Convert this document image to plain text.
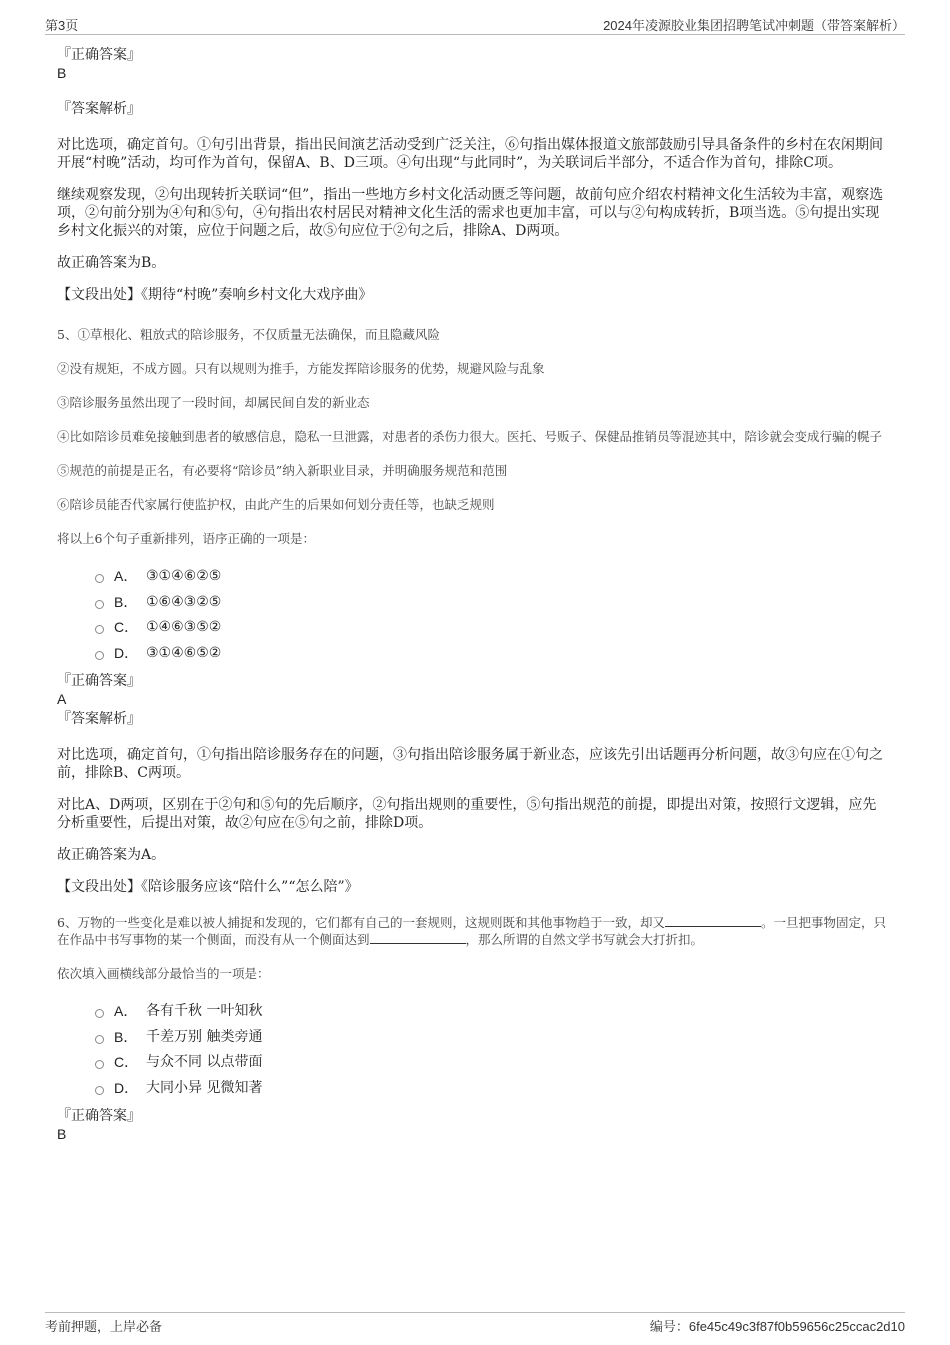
第3页	2024年凌源胶业集团招聘笔试冲刺题（带答案解析）
『正确答案』
B
『答案解析』

对比选项，确定首句。①句引出背景，指出民间演艺活动受到广泛关注，⑥句指出媒体报道文旅部鼓励引导具备条件的乡村在农闲期间开展“村晚”活动，均可作为首句，保留A、B、D三项。④句出现“与此同时”，为关联词后半部分，不适合作为首句，排除C项。

继续观察发现，②句出现转折关联词“但”，指出一些地方乡村文化活动匮乏等问题，故前句应介绍农村精神文化生活较为丰富，观察选项，②句前分别为④句和⑤句，④句指出农村居民对精神文化生活的需求也更加丰富，可以与②句构成转折，B项当选。⑤句提出实现乡村文化振兴的对策，应位于问题之后，故⑤句应位于②句之后，排除A、D两项。

故正确答案为B。

【文段出处】《期待“村晚”奏响乡村文化大戏序曲》

5、①草根化、粗放式的陪诊服务，不仅质量无法确保，而且隐藏风险

②没有规矩，不成方圆。只有以规则为推手，方能发挥陪诊服务的优势，规避风险与乱象

③陪诊服务虽然出现了一段时间，却属民间自发的新业态

④比如陪诊员难免接触到患者的敏感信息，隐私一旦泄露，对患者的杀伤力很大。医托、号贩子、保健品推销员等混迹其中，陪诊就会变成行骗的幌子

⑤规范的前提是正名，有必要将“陪诊员”纳入新职业目录，并明确服务规范和范围

⑥陪诊员能否代家属行使监护权，由此产生的后果如何划分责任等，也缺乏规则

将以上6个句子重新排列，语序正确的一项是：

A． ③①④⑥②⑤
B． ①⑥④③②⑤
C． ①④⑥③⑤②
D． ③①④⑥⑤②
『正确答案』
A
『答案解析』

对比选项，确定首句，①句指出陪诊服务存在的问题，③句指出陪诊服务属于新业态，应该先引出话题再分析问题，故③句应在①句之前，排除B、C两项。

对比A、D两项，区别在于②句和⑤句的先后顺序，②句指出规则的重要性，⑤句指出规范的前提，即提出对策，按照行文逻辑，应先分析重要性，后提出对策，故②句应在⑤句之前，排除D项。

故正确答案为A。

【文段出处】《陪诊服务应该“陪什么”“怎么陪”》

6、万物的一些变化是难以被人捕捉和发现的，它们都有自己的一套规则，这规则既和其他事物趋于一致，却又	。一旦把事物固定，只在作品中书写事物的某一个侧面，而没有从一个侧面达到	，那么所谓的自然文学书写就会大打折扣。

依次填入画横线部分最恰当的一项是：

A． 各有千秋 一叶知秋
B． 千差万别 触类旁通
C． 与众不同 以点带面
D． 大同小异 见微知著
『正确答案』
B
考前押题，上岸必备	编号：6fe45c49c3f87f0b59656c25ccac2d10
